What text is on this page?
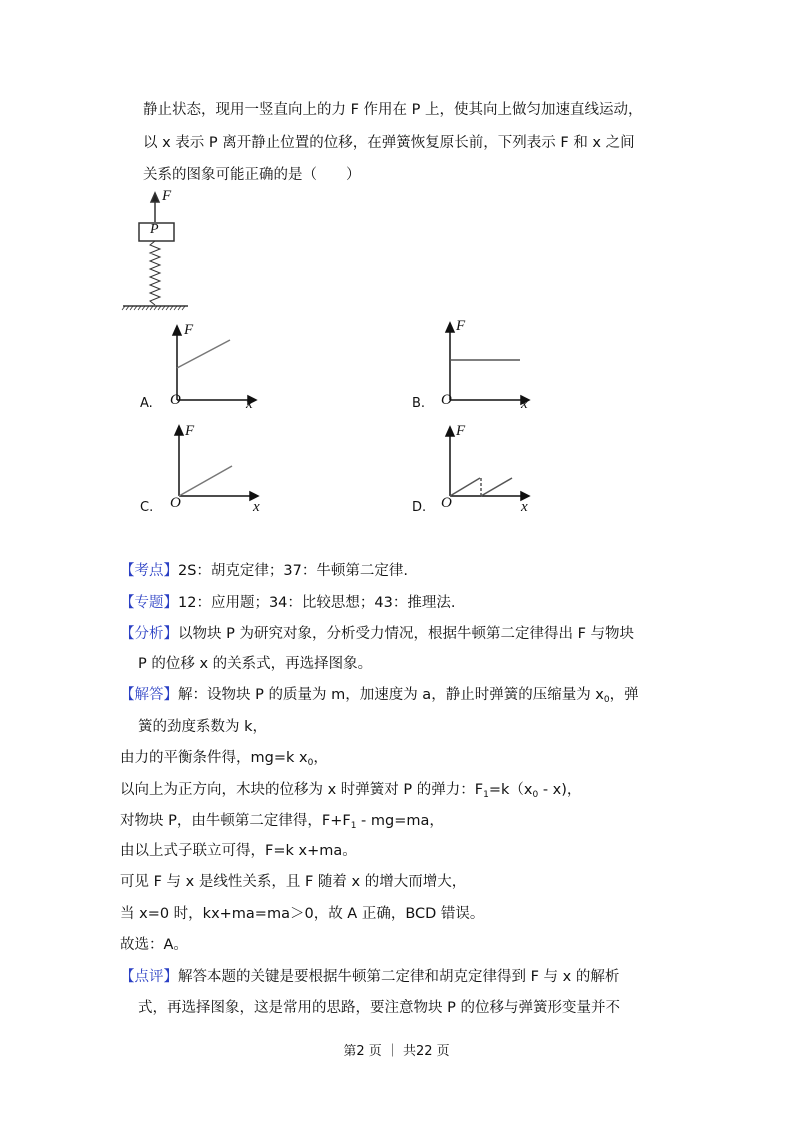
静止状态，现用一竖直向上的力 F 作用在 P 上，使其向上做匀加速直线运动，
以 x 表示 P 离开静止位置的位移，在弹簧恢复原长前，下列表示 F 和 x 之间
关系的图象可能正确的是（　　）
F
P
A.
F
O	x	B.
F
O	x
C.
F
O	x	D.
F
O	x
【考点】2S：胡克定律；37：牛顿第二定律.
【专题】12：应用题；34：比较思想；43：推理法.
【分析】以物块 P 为研究对象，分析受力情况，根据牛顿第二定律得出 F 与物块
P 的位移 x 的关系式，再选择图象。
【解答】解：设物块 P 的质量为 m，加速度为 a，静止时弹簧的压缩量为 $x_0$，弹
簧的劲度系数为 k，
由力的平衡条件得，mg=k $x_0$，
以向上为正方向，木块的位移为 x 时弹簧对 P 的弹力：$F_1=k(x_0 - x)$，
对物块 P，由牛顿第二定律得，$F+F_1 - mg=ma$，
由以上式子联立可得，F=k x+ma。
可见 F 与 x 是线性关系，且 F 随着 x 的增大而增大，
当 x=0 时，kx+ma=ma＞0，故 A 正确，BCD 错误。
故选：A。
【点评】解答本题的关键是要根据牛顿第二定律和胡克定律得到 F 与 x 的解析
式，再选择图象，这是常用的思路，要注意物块 P 的位移与弹簧形变量并不
第2 页 ｜ 共22 页
